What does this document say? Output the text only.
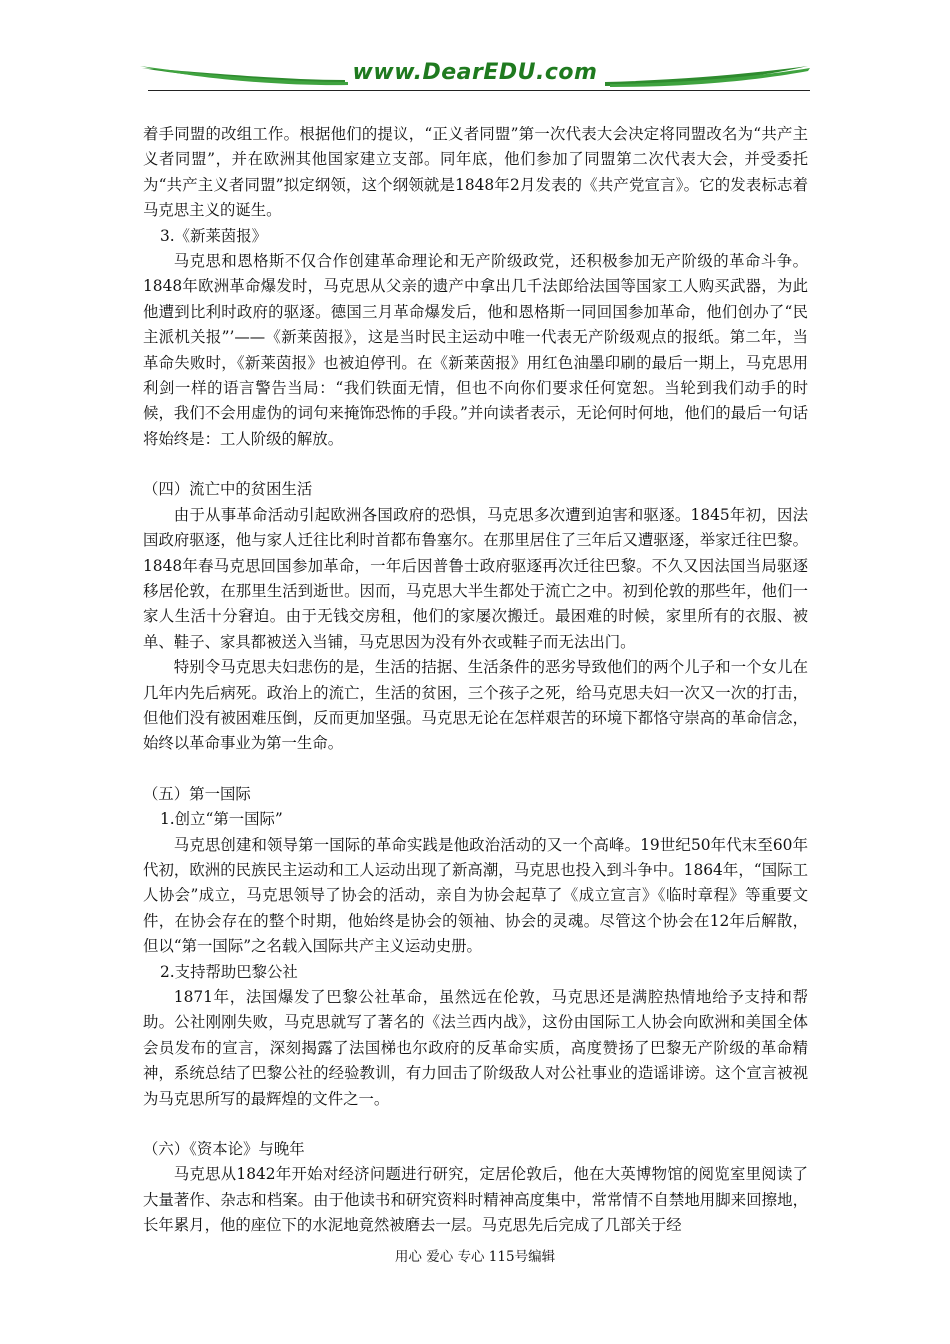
www.DearEDU.com

着手同盟的改组工作。根据他们的提议，“正义者同盟”第一次代表大会决定将同盟改名为“共产主义者同盟”，并在欧洲其他国家建立支部。同年底，他们参加了同盟第二次代表大会，并受委托为“共产主义者同盟”拟定纲领，这个纲领就是1848年2月发表的《共产党宣言》。它的发表标志着马克思主义的诞生。

3.《新莱茵报》

马克思和恩格斯不仅合作创建革命理论和无产阶级政党，还积极参加无产阶级的革命斗争。1848年欧洲革命爆发时，马克思从父亲的遗产中拿出几千法郎给法国等国家工人购买武器，为此他遭到比利时政府的驱逐。德国三月革命爆发后，他和恩格斯一同回国参加革命，他们创办了“民主派机关报”’——《新莱茵报》，这是当时民主运动中唯一代表无产阶级观点的报纸。第二年，当革命失败时，《新莱茵报》也被迫停刊。在《新莱茵报》用红色油墨印刷的最后一期上，马克思用利剑一样的语言警告当局：“我们铁面无情，但也不向你们要求任何宽恕。当轮到我们动手的时候，我们不会用虚伪的词句来掩饰恐怖的手段。”并向读者表示，无论何时何地，他们的最后一句话将始终是：工人阶级的解放。

（四）流亡中的贫困生活

由于从事革命活动引起欧洲各国政府的恐惧，马克思多次遭到迫害和驱逐。1845年初，因法国政府驱逐，他与家人迁往比利时首都布鲁塞尔。在那里居住了三年后又遭驱逐，举家迁往巴黎。1848年春马克思回国参加革命，一年后因普鲁士政府驱逐再次迁往巴黎。不久又因法国当局驱逐移居伦敦，在那里生活到逝世。因而，马克思大半生都处于流亡之中。初到伦敦的那些年，他们一家人生活十分窘迫。由于无钱交房租，他们的家屡次搬迁。最困难的时候，家里所有的衣服、被单、鞋子、家具都被送入当铺，马克思因为没有外衣或鞋子而无法出门。

特别令马克思夫妇悲伤的是，生活的拮据、生活条件的恶劣导致他们的两个儿子和一个女儿在几年内先后病死。政治上的流亡，生活的贫困，三个孩子之死，给马克思夫妇一次又一次的打击，但他们没有被困难压倒，反而更加坚强。马克思无论在怎样艰苦的环境下都恪守崇高的革命信念，始终以革命事业为第一生命。

（五）第一国际

1.创立“第一国际”

马克思创建和领导第一国际的革命实践是他政治活动的又一个高峰。19世纪50年代末至60年代初，欧洲的民族民主运动和工人运动出现了新高潮，马克思也投入到斗争中。1864年，“国际工人协会”成立，马克思领导了协会的活动，亲自为协会起草了《成立宣言》《临时章程》等重要文件，在协会存在的整个时期，他始终是协会的领袖、协会的灵魂。尽管这个协会在12年后解散，但以“第一国际”之名载入国际共产主义运动史册。

2.支持帮助巴黎公社

1871年，法国爆发了巴黎公社革命，虽然远在伦敦，马克思还是满腔热情地给予支持和帮助。公社刚刚失败，马克思就写了著名的《法兰西内战》，这份由国际工人协会向欧洲和美国全体会员发布的宣言，深刻揭露了法国梯也尔政府的反革命实质，高度赞扬了巴黎无产阶级的革命精神，系统总结了巴黎公社的经验教训，有力回击了阶级敌人对公社事业的造谣诽谤。这个宣言被视为马克思所写的最辉煌的文件之一。

（六）《资本论》与晚年

马克思从1842年开始对经济问题进行研究，定居伦敦后，他在大英博物馆的阅览室里阅读了大量著作、杂志和档案。由于他读书和研究资料时精神高度集中，常常情不自禁地用脚来回擦地，长年累月，他的座位下的水泥地竟然被磨去一层。马克思先后完成了几部关于经

用心 爱心 专心 115号编辑
